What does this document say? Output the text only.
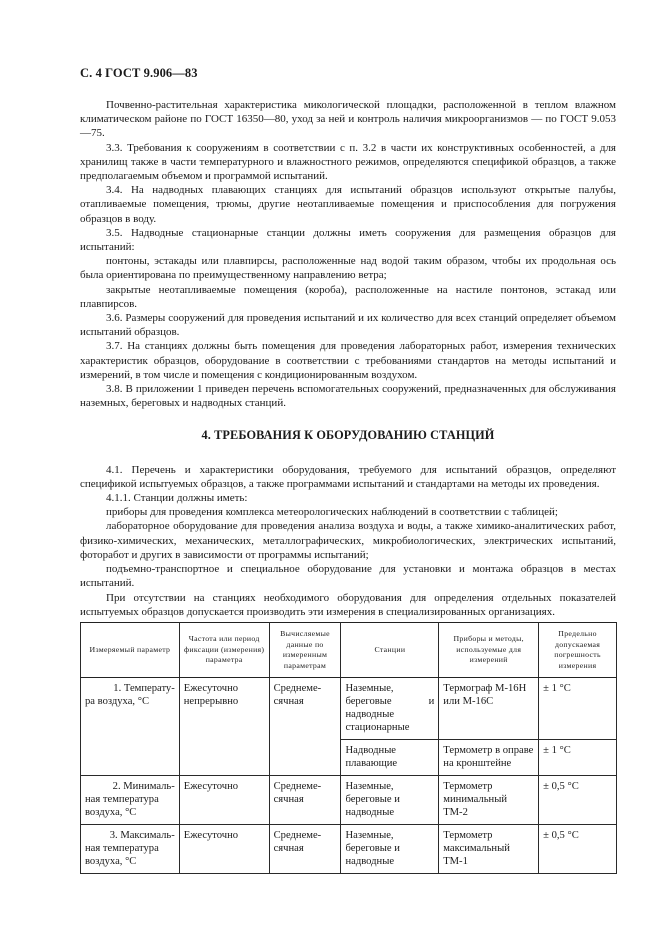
С. 4 ГОСТ 9.906—83

Почвенно-растительная характеристика микологической площадки, расположенной в теплом влажном климатическом районе по ГОСТ 16350—80, уход за ней и контроль наличия микроорганизмов — по ГОСТ 9.053—75.

3.3. Требования к сооружениям в соответствии с п. 3.2 в части их конструктивных особенностей, а для хранилищ также в части температурного и влажностного режимов, определяются спецификой образцов, а также предполагаемым объемом и программой испытаний.

3.4. На надводных плавающих станциях для испытаний образцов используют открытые палубы, отапливаемые помещения, трюмы, другие неотапливаемые помещения и приспособления для погружения образцов в воду.

3.5. Надводные стационарные станции должны иметь сооружения для размещения образцов для испытаний:

понтоны, эстакады или плавпирсы, расположенные над водой таким образом, чтобы их продольная ось была ориентирована по преимущественному направлению ветра;

закрытые неотапливаемые помещения (короба), расположенные на настиле понтонов, эстакад или плавпирсов.

3.6. Размеры сооружений для проведения испытаний и их количество для всех станций определяет объемом испытаний образцов.

3.7. На станциях должны быть помещения для проведения лабораторных работ, измерения технических характеристик образцов, оборудование в соответствии с требованиями стандартов на методы испытаний и измерений, в том числе и помещения с кондиционированным воздухом.

3.8. В приложении 1 приведен перечень вспомогательных сооружений, предназначенных для обслуживания наземных, береговых и надводных станций.

4. ТРЕБОВАНИЯ К ОБОРУДОВАНИЮ СТАНЦИЙ

4.1. Перечень и характеристики оборудования, требуемого для испытаний образцов, определяют спецификой испытуемых образцов, а также программами испытаний и стандартами на методы их проведения.

4.1.1. Станции должны иметь:

приборы для проведения комплекса метеорологических наблюдений в соответствии с таблицей;

лабораторное оборудование для проведения анализа воздуха и воды, а также химико-аналитических работ, физико-химических, механических, металлографических, микробиологических, электрических испытаний, фоторабот и других в зависимости от программы испытаний;

подъемно-транспортное и специальное оборудование для установки и монтажа образцов в местах испытаний.

При отсутствии на станциях необходимого оборудования для определения отдельных показателей испытуемых образцов допускается производить эти измерения в специализированных организациях.

Измеряемый параметр	Частота или период фиксации (измерения) параметра	Вычисляемые данные по измеренным параметрам	Станции	Приборы и методы, используемые для измерений	Предельно допускаемая погрешность измерения
1. Температу-
ра воздуха, °С	Ежесуточно непрерывно	Среднеме-сячная	Наземные, береговые и надводные стационарные	Термограф М-16Н или М-16С	± 1 °С
			Надводные плавающие	Термометр в оправе на кронштейне	± 1 °С
2. Минималь-
ная температура воздуха, °С	Ежесуточно	Среднеме-сячная	Наземные, береговые и надводные	Термометр минимальный ТМ-2	± 0,5 °С
3. Максималь-
ная температура воздуха, °С	Ежесуточно	Среднеме-сячная	Наземные, береговые и надводные	Термометр максимальный ТМ-1	± 0,5 °С
